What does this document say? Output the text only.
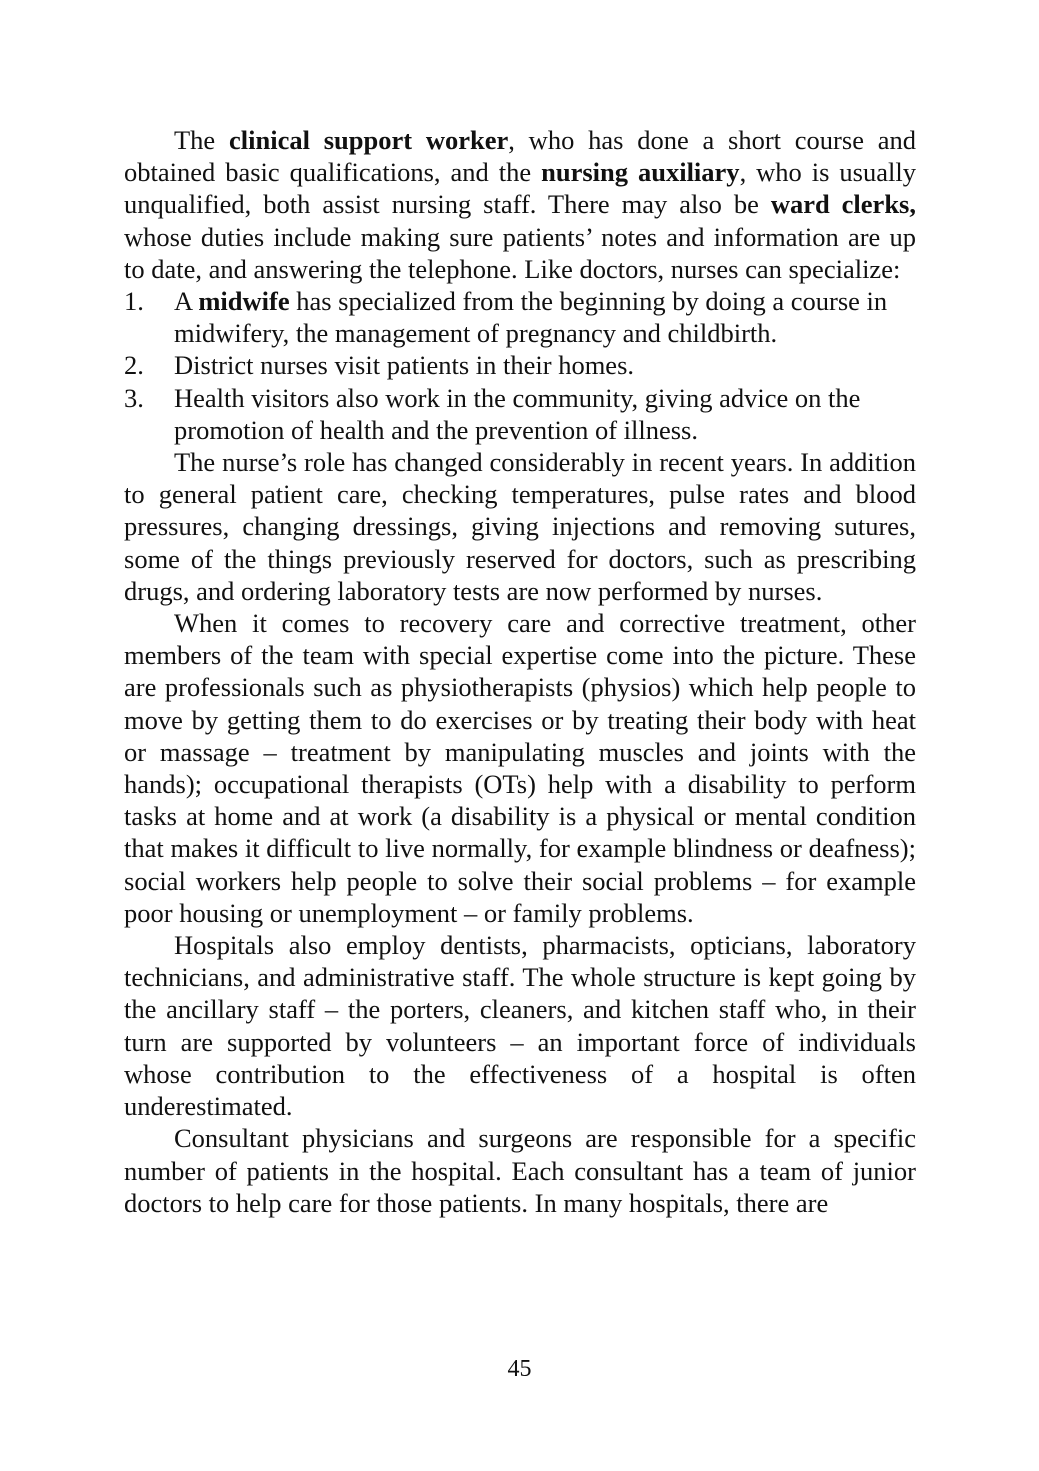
The clinical support worker, who has done a short course and obtained basic qualifications, and the nursing auxiliary, who is usually unqualified, both assist nursing staff. There may also be ward clerks, whose duties include making sure patients’ notes and information are up to date, and answering the telephone. Like doctors, nurses can specialize:

1. A midwife has specialized from the beginning by doing a course in midwifery, the management of pregnancy and childbirth.
2. District nurses visit patients in their homes.
3. Health visitors also work in the community, giving advice on the promotion of health and the prevention of illness.

The nurse’s role has changed considerably in recent years. In addition to general patient care, checking temperatures, pulse rates and blood pressures, changing dressings, giving injections and removing sutures, some of the things previously reserved for doctors, such as prescribing drugs, and ordering laboratory tests are now performed by nurses.

When it comes to recovery care and corrective treatment, other members of the team with special expertise come into the picture. These are professionals such as physiotherapists (physios) which help people to move by getting them to do exercises or by treating their body with heat or massage – treatment by manipulating muscles and joints with the hands); occupational therapists (OTs) help with a disability to perform tasks at home and at work (a disability is a physical or mental condition that makes it difficult to live normally, for example blindness or deafness); social workers help people to solve their social problems – for example poor housing or unemployment – or family problems.

Hospitals also employ dentists, pharmacists, opticians, laboratory technicians, and administrative staff. The whole structure is kept going by the ancillary staff – the porters, cleaners, and kitchen staff who, in their turn are supported by volunteers – an important force of individuals whose contribution to the effectiveness of a hospital is often underestimated.

Consultant physicians and surgeons are responsible for a specific number of patients in the hospital. Each consultant has a team of junior doctors to help care for those patients. In many hospitals, there are

45
